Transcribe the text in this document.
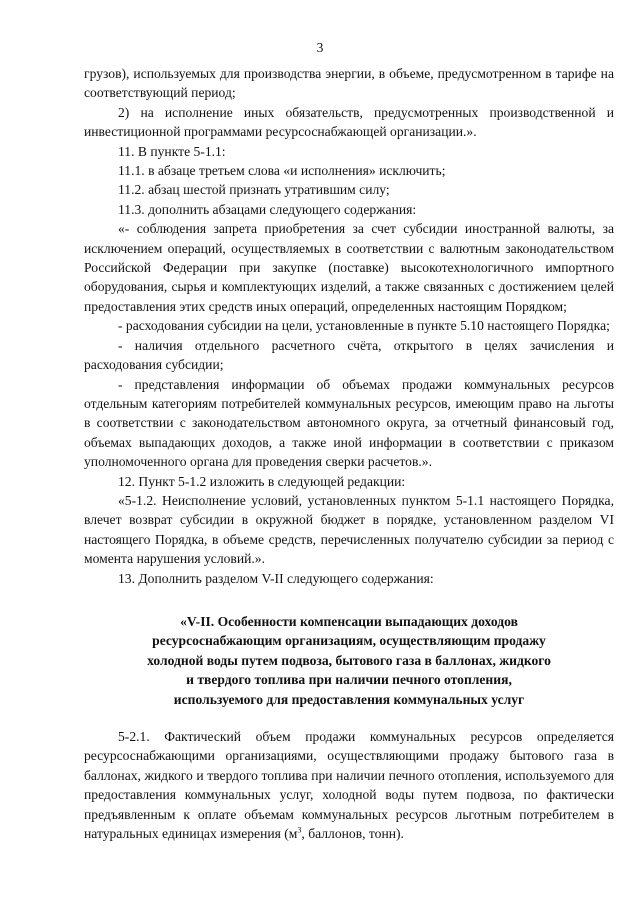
3

грузов), используемых для производства энергии, в объеме, предусмотренном в тарифе на соответствующий период;

2) на исполнение иных обязательств, предусмотренных производственной и инвестиционной программами ресурсоснабжающей организации.».

11. В пункте 5-1.1:

11.1. в абзаце третьем слова «и исполнения» исключить;

11.2. абзац шестой признать утратившим силу;

11.3. дополнить абзацами следующего содержания:

«- соблюдения запрета приобретения за счет субсидии иностранной валюты, за исключением операций, осуществляемых в соответствии с валютным законодательством Российской Федерации при закупке (поставке) высокотехнологичного импортного оборудования, сырья и комплектующих изделий, а также связанных с достижением целей предоставления этих средств иных операций, определенных настоящим Порядком;

- расходования субсидии на цели, установленные в пункте 5.10 настоящего Порядка;

- наличия отдельного расчетного счёта, открытого в целях зачисления и расходования субсидии;

- представления информации об объемах продажи коммунальных ресурсов отдельным категориям потребителей коммунальных ресурсов, имеющим право на льготы в соответствии с законодательством автономного округа, за отчетный финансовый год, объемах выпадающих доходов, а также иной информации в соответствии с приказом уполномоченного органа для проведения сверки расчетов.».

12. Пункт 5-1.2 изложить в следующей редакции:

«5-1.2. Неисполнение условий, установленных пунктом 5-1.1 настоящего Порядка, влечет возврат субсидии в окружной бюджет в порядке, установленном разделом VI настоящего Порядка, в объеме средств, перечисленных получателю субсидии за период с момента нарушения условий.».

13. Дополнить разделом V-II следующего содержания:

«V-II. Особенности компенсации выпадающих доходов
ресурсоснабжающим организациям, осуществляющим продажу
холодной воды путем подвоза, бытового газа в баллонах, жидкого
и твердого топлива при наличии печного отопления,
используемого для предоставления коммунальных услуг

5-2.1. Фактический объем продажи коммунальных ресурсов определяется ресурсоснабжающими организациями, осуществляющими продажу бытового газа в баллонах, жидкого и твердого топлива при наличии печного отопления, используемого для предоставления коммунальных услуг, холодной воды путем подвоза, по фактически предъявленным к оплате объемам коммунальных ресурсов льготным потребителем в натуральных единицах измерения ($м^3$, баллонов, тонн).
